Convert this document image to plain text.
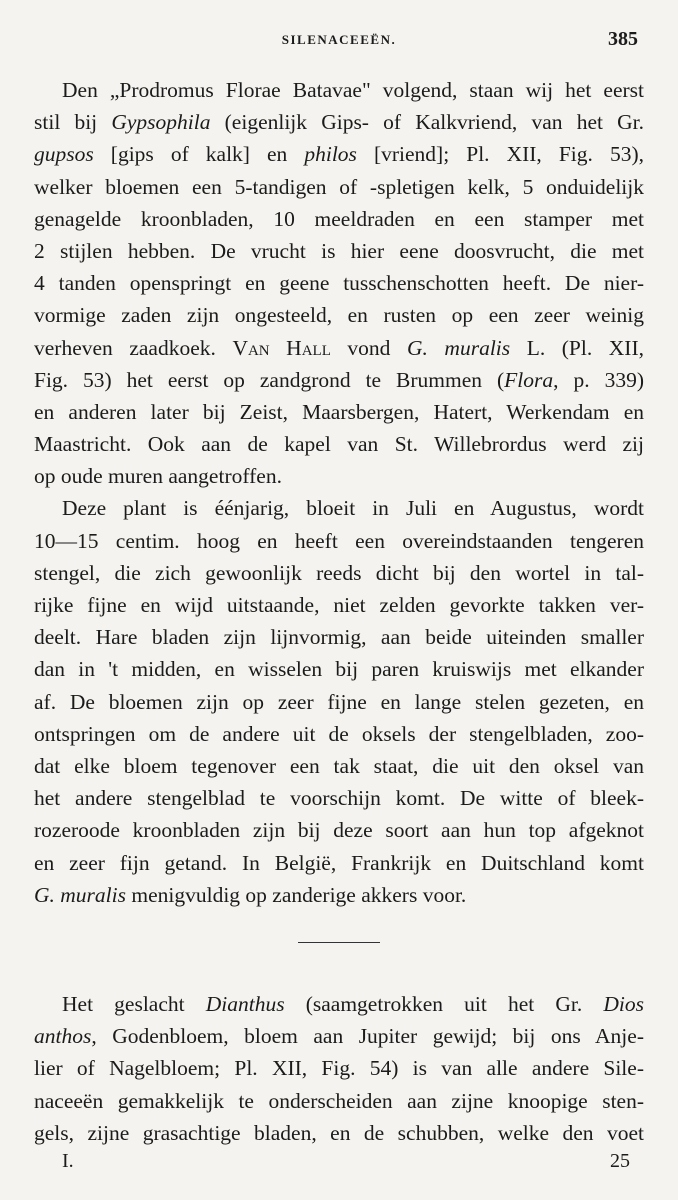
SILENACEEËN.	385
Den „Prodromus Florae Batavae" volgend, staan wij het eerst
stil bij Gypsophila (eigenlijk Gips- of Kalkvriend, van het Gr.
gupsos [gips of kalk] en philos [vriend]; Pl. XII, Fig. 53),
welker bloemen een 5-tandigen of -spletigen kelk, 5 onduidelijk
genagelde kroonbladen, 10 meeldraden en een stamper met
2 stijlen hebben. De vrucht is hier eene doosvrucht, die met
4 tanden openspringt en geene tusschenschotten heeft. De nier-
vormige zaden zijn ongesteeld, en rusten op een zeer weinig
verheven zaadkoek. Van Hall vond G. muralis L. (Pl. XII,
Fig. 53) het eerst op zandgrond te Brummen (Flora, p. 339)
en anderen later bij Zeist, Maarsbergen, Hatert, Werkendam en
Maastricht. Ook aan de kapel van St. Willebrordus werd zij
op oude muren aangetroffen.
Deze plant is éénjarig, bloeit in Juli en Augustus, wordt
10—15 centim. hoog en heeft een overeindstaanden tengeren
stengel, die zich gewoonlijk reeds dicht bij den wortel in tal-
rijke fijne en wijd uitstaande, niet zelden gevorkte takken ver-
deelt. Hare bladen zijn lijnvormig, aan beide uiteinden smaller
dan in 't midden, en wisselen bij paren kruiswijs met elkander
af. De bloemen zijn op zeer fijne en lange stelen gezeten, en
ontspringen om de andere uit de oksels der stengelbladen, zoo-
dat elke bloem tegenover een tak staat, die uit den oksel van
het andere stengelblad te voorschijn komt. De witte of bleek-
rozeroode kroonbladen zijn bij deze soort aan hun top afgeknot
en zeer fijn getand. In België, Frankrijk en Duitschland komt
G. muralis menigvuldig op zanderige akkers voor.
Het geslacht Dianthus (saamgetrokken uit het Gr. Dios
anthos, Godenbloem, bloem aan Jupiter gewijd; bij ons Anje-
lier of Nagelbloem; Pl. XII, Fig. 54) is van alle andere Sile-
naceeën gemakkelijk te onderscheiden aan zijne knoopige sten-
gels, zijne grasachtige bladen, en de schubben, welke den voet
I.	25
